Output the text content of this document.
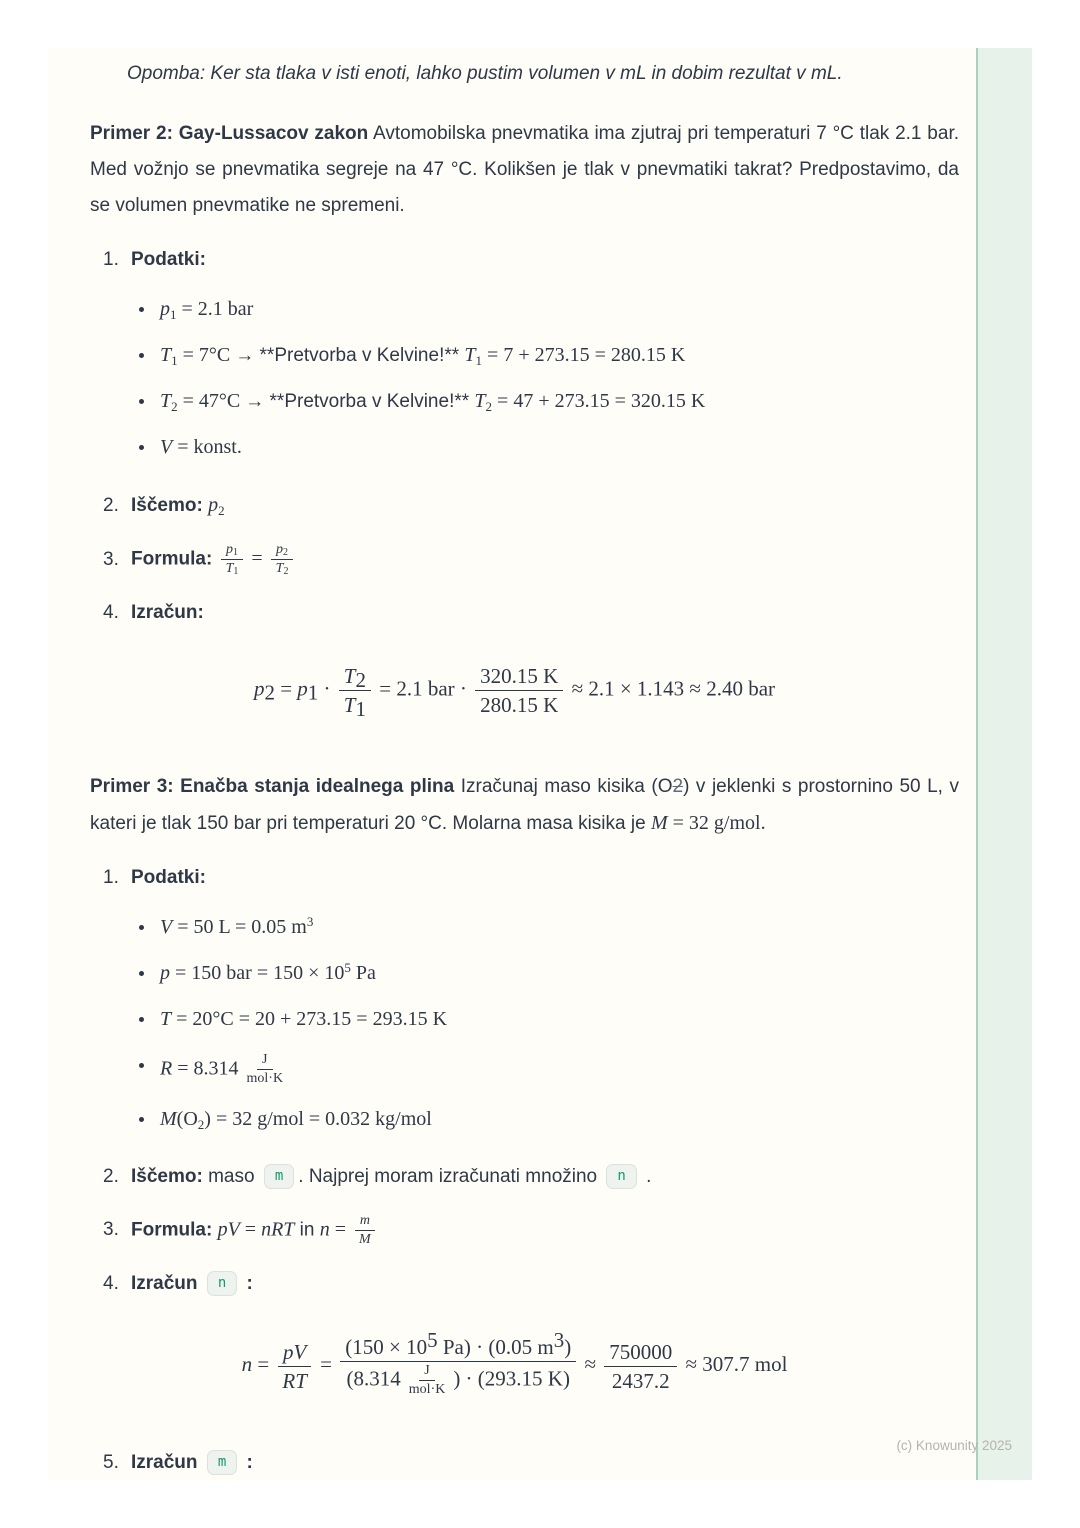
Opomba: Ker sta tlaka v isti enoti, lahko pustim volumen v mL in dobim rezultat v mL.
Primer 2: Gay-Lussacov zakon Avtomobilska pnevmatika ima zjutraj pri temperaturi 7 °C tlak 2.1 bar. Med vožnjo se pnevmatika segreje na 47 °C. Kolikšen je tlak v pnevmatiki takrat? Predpostavimo, da se volumen pnevmatike ne spremeni.
1. Podatki:
$p_1 = 2.1$ bar
$T_1 = 7^\circ C$ → **Pretvorba v Kelvine!** $T_1 = 7 + 273.15 = 280.15$ K
$T_2 = 47^\circ C$ → **Pretvorba v Kelvine!** $T_2 = 47 + 273.15 = 320.15$ K
V = konst.
2. Iščemo: $p_2$
3. Formula: $\frac{p_1}{T_1} = \frac{p_2}{T_2}$
4. Izračun:
$p_2 = p_1 \cdot \frac{T_2}{T_1} = 2.1$ bar · $\frac{320.15 K}{280.15 K} \approx 2.1 \times 1.143 \approx 2.40$ bar
Primer 3: Enačba stanja idealnega plina Izračunaj maso kisika (O2) v jeklenki s prostornino 50 L, v kateri je tlak 150 bar pri temperaturi 20 °C. Molarna masa kisika je M = 32 g/mol.
1. Podatki:
V = 50 L = 0.05 $m^3$
p = 150 bar = $150 \times 10^5$ Pa
T = 20°C = 20 + 273.15 = 293.15 K
$R = 8.314 \frac{J}{\text{mol·K}}$
$M(O_2) = 32$ g/mol = 0.032 kg/mol
2. Iščemo: maso m . Najprej moram izračunati množino n .
3. Formula: pV = nRT in $n = \frac{m}{M}$
4. Izračun n :
$n = \frac{pV}{RT} = \frac{(150 \times 10^5 Pa) \cdot (0.05 m^3)}{(8.314 \frac{J}{\text{mol·K}} ) \cdot (293.15 K)} \approx \frac{750000}{2437.2} \approx 307.7$ mol
5. Izračun m :
(c) Knowunity 2025
